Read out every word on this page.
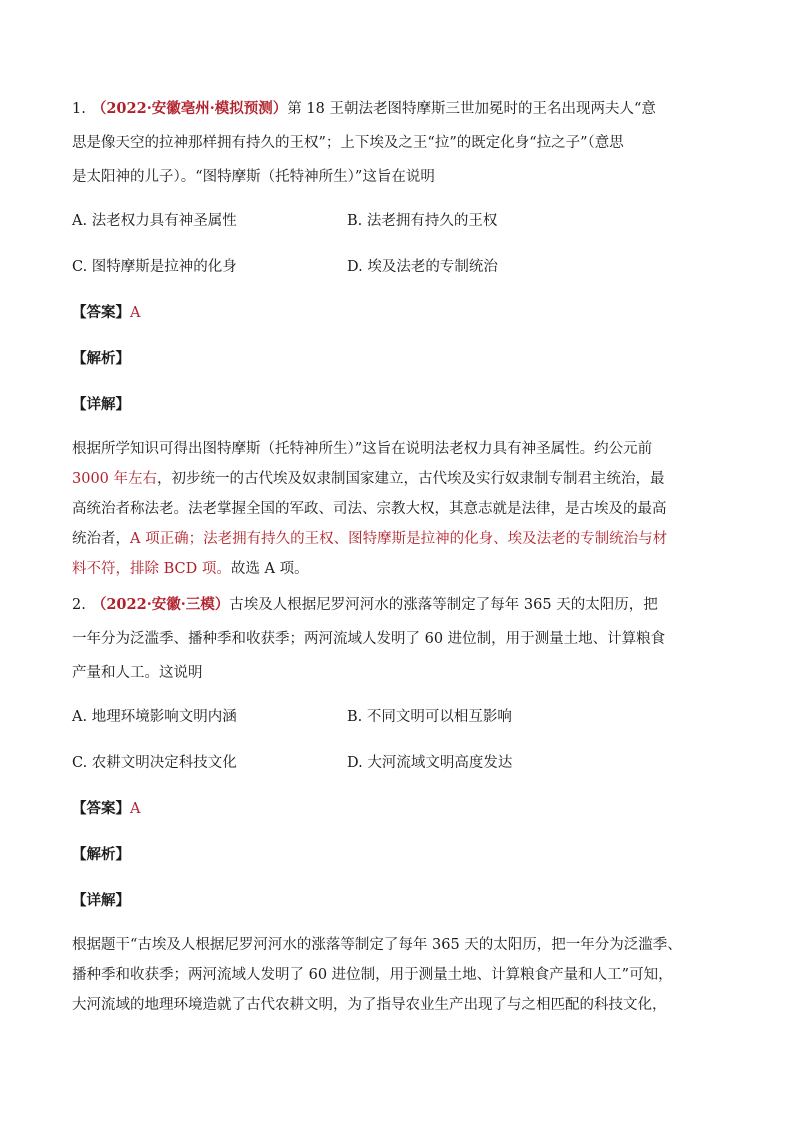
1. （2022·安徽亳州·模拟预测）第 18 王朝法老图特摩斯三世加冕时的王名出现两夫人“意
思是像天空的拉神那样拥有持久的王权”；上下埃及之王“拉”的既定化身“拉之子”（意思
是太阳神的儿子）。“图特摩斯（托特神所生）”这旨在说明
A. 法老权力具有神圣属性	B. 法老拥有持久的王权
C. 图特摩斯是拉神的化身	D. 埃及法老的专制统治
【答案】A
【解析】
【详解】
根据所学知识可得出图特摩斯（托特神所生）”这旨在说明法老权力具有神圣属性。约公元前
3000 年左右，初步统一的古代埃及奴隶制国家建立，古代埃及实行奴隶制专制君主统治，最
高统治者称法老。法老掌握全国的军政、司法、宗教大权，其意志就是法律，是古埃及的最高
统治者，A 项正确；法老拥有持久的王权、图特摩斯是拉神的化身、埃及法老的专制统治与材
料不符，排除 BCD 项。故选 A 项。
2. （2022·安徽·三模）古埃及人根据尼罗河河水的涨落等制定了每年 365 天的太阳历，把
一年分为泛滥季、播种季和收获季；两河流域人发明了 60 进位制，用于测量土地、计算粮食
产量和人工。这说明
A. 地理环境影响文明内涵	B. 不同文明可以相互影响
C. 农耕文明决定科技文化	D. 大河流域文明高度发达
【答案】A
【解析】
【详解】
根据题干“古埃及人根据尼罗河河水的涨落等制定了每年 365 天的太阳历，把一年分为泛滥季、
播种季和收获季；两河流域人发明了 60 进位制，用于测量土地、计算粮食产量和人工”可知，
大河流域的地理环境造就了古代农耕文明，为了指导农业生产出现了与之相匹配的科技文化，
